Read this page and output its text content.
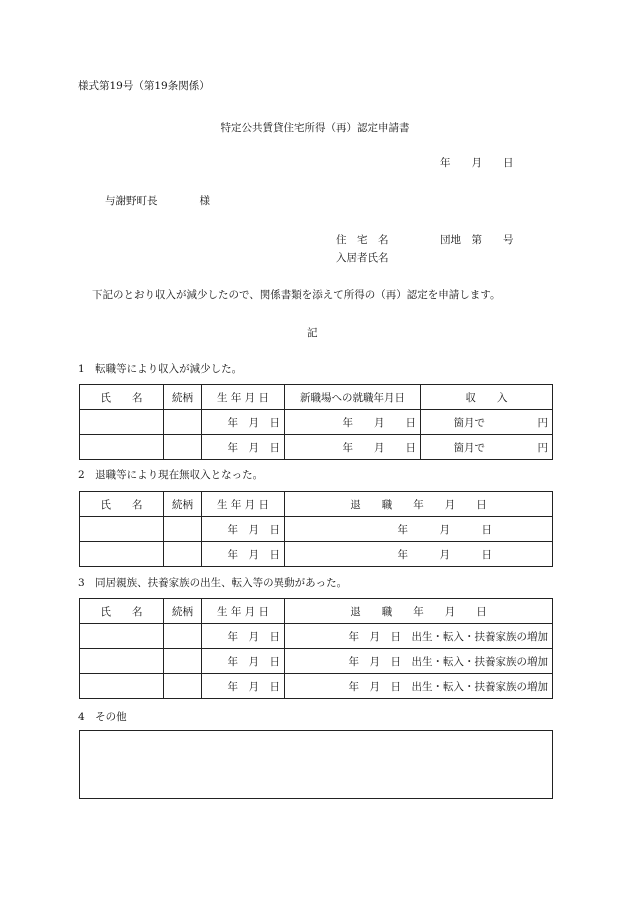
様式第19号（第19条関係）
特定公共賃貸住宅所得（再）認定申請書
年　　月　　日
与謝野町長　　　　様
住　宅　名	団地　第　　号
入居者氏名
下記のとおり収入が減少したので、関係書類を添えて所得の（再）認定を申請します。
記
1　転職等により収入が減少した。
氏　　名	続柄	生 年 月 日	新職場への就職年月日	収　　入
		年　月　日	年　　月　　日	箇月で　　　　　円
		年　月　日	年　　月　　日	箇月で　　　　　円
2　退職等により現在無収入となった。
氏　　名	続柄	生 年 月 日	退　　職　　年　　月　　日
		年　月　日	年　　　月　　　日
		年　月　日	年　　　月　　　日
3　同居親族、扶養家族の出生、転入等の異動があった。
氏　　名	続柄	生 年 月 日	退　　職　　年　　月　　日
		年　月　日	年　月　日　出生・転入・扶養家族の増加
		年　月　日	年　月　日　出生・転入・扶養家族の増加
		年　月　日	年　月　日　出生・転入・扶養家族の増加
4　その他
